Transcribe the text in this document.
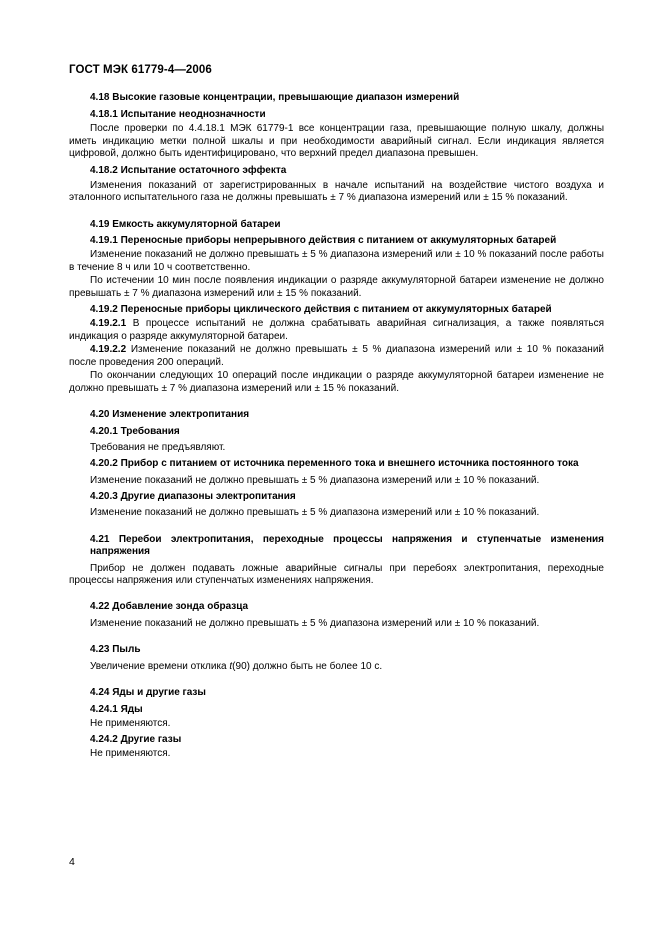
ГОСТ МЭК 61779-4—2006

4.18 Высокие газовые концентрации, превышающие диапазон измерений

4.18.1 Испытание неоднозначности

После проверки по 4.4.18.1 МЭК 61779-1 все концентрации газа, превышающие полную шкалу, должны иметь индикацию метки полной шкалы и при необходимости аварийный сигнал. Если индикация является цифровой, должно быть идентифицировано, что верхний предел диапазона превышен.

4.18.2 Испытание остаточного эффекта

Изменения показаний от зарегистрированных в начале испытаний на воздействие чистого воздуха и эталонного испытательного газа не должны превышать ± 7 % диапазона измерений или ± 15 % показаний.

4.19 Емкость аккумуляторной батареи

4.19.1 Переносные приборы непрерывного действия с питанием от аккумуляторных батарей

Изменение показаний не должно превышать ± 5 % диапазона измерений или ± 10 % показаний после работы в течение 8 ч или 10 ч соответственно.

По истечении 10 мин после появления индикации о разряде аккумуляторной батареи изменение не должно превышать ± 7 % диапазона измерений или ± 15 % показаний.

4.19.2 Переносные приборы циклического действия с питанием от аккумуляторных батарей

4.19.2.1 В процессе испытаний не должна срабатывать аварийная сигнализация, а также появляться индикация о разряде аккумуляторной батареи.

4.19.2.2 Изменение показаний не должно превышать ± 5 % диапазона измерений или ± 10 % показаний после проведения 200 операций.

По окончании следующих 10 операций после индикации о разряде аккумуляторной батареи изменение не должно превышать ± 7 % диапазона измерений или ± 15 % показаний.

4.20 Изменение электропитания

4.20.1 Требования

Требования не предъявляют.

4.20.2 Прибор с питанием от источника переменного тока и внешнего источника постоянного тока

Изменение показаний не должно превышать ± 5 % диапазона измерений или ± 10 % показаний.

4.20.3 Другие диапазоны электропитания

Изменение показаний не должно превышать ± 5 % диапазона измерений или ± 10 % показаний.

4.21 Перебои электропитания, переходные процессы напряжения и ступенчатые изменения напряжения

Прибор не должен подавать ложные аварийные сигналы при перебоях электропитания, переходные процессы напряжения или ступенчатых изменениях напряжения.

4.22 Добавление зонда образца

Изменение показаний не должно превышать ± 5 % диапазона измерений или ± 10 % показаний.

4.23 Пыль

Увеличение времени отклика t(90) должно быть не более 10 с.

4.24 Яды и другие газы

4.24.1 Яды

Не применяются.

4.24.2 Другие газы

Не применяются.

4
